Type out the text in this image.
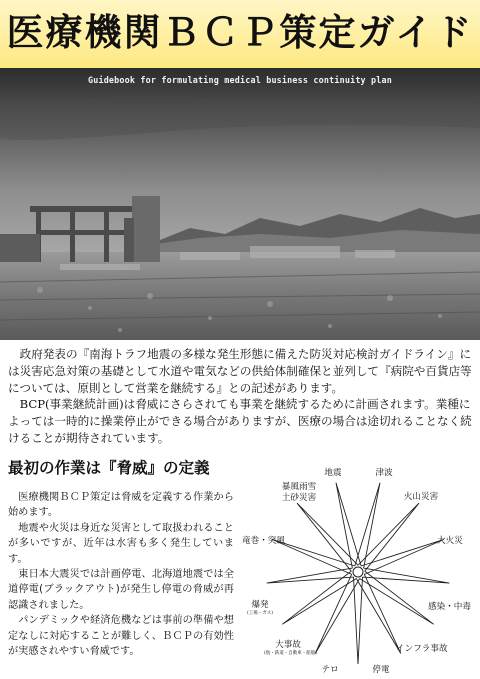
医療機関ＢＣＰ策定ガイド
Guidebook for formulating medical business continuity plan

政府発表の『南海トラフ地震の多様な発生形態に備えた防災対応検討ガイドライン』には災害応急対策の基礎として水道や電気などの供給体制確保と並列して『病院や百貨店等については、原則として営業を継続する』との記述があります。

BCP(事業継続計画)は脅威にさらされても事業を継続するために計画されます。業種によっては一時的に操業停止ができる場合がありますが、医療の場合は途切れることなく続けることが期待されています。

最初の作業は『脅威』の定義

医療機関ＢＣＰ策定は脅威を定義する作業から始めます。

地震や火災は身近な災害として取扱われることが多いですが、近年は水害も多く発生しています。

東日本大震災では計画停電、北海道地震では全道停電(ブラックアウト)が発生し停電の脅威が再認識されました。

パンデミックや経済危機などは事前の準備や想定なしに対応することが難しく、ＢＣＰの有効性が実感されやすい脅威です。

地震	津波
暴風雨雪
土砂災害	火山災害
竜巻・突風	大火災
爆発
(工場・ガス)
感染・中毒
大事故
(航・鉄道・自動車・船舶)	インフラ事故
テロ	停電
